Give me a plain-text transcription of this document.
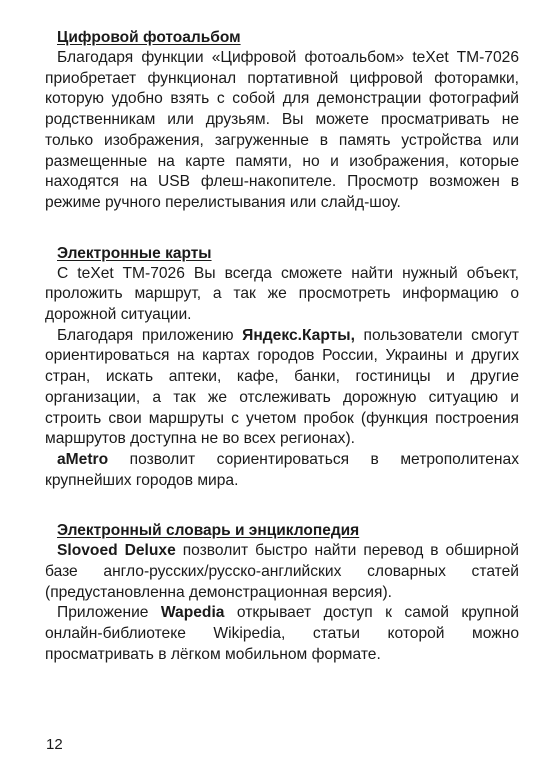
Цифровой фотоальбом

Благодаря функции «Цифровой фотоальбом» teXet TM-7026 приобретает функционал портативной цифровой фоторамки, которую удобно взять с собой для демонстрации фотографий родственникам или друзьям. Вы можете просматривать не только изображения, загруженные в память устройства или размещенные на карте памяти, но и изображения, которые находятся на USB флеш-накопителе. Просмотр возможен в режиме ручного перелистывания или слайд-шоу.

Электронные карты

С teXet TM-7026 Вы всегда сможете найти нужный объект, проложить маршрут, а так же просмотреть информацию о дорожной ситуации.

Благодаря приложению Яндекс.Карты, пользователи смогут ориентироваться на картах городов России, Украины и других стран, искать аптеки, кафе, банки, гостиницы и другие организации, а так же отслеживать дорожную ситуацию и строить свои маршруты с учетом пробок (функция построения маршрутов доступна не во всех регионах).

aMetro позволит сориентироваться в метрополитенах крупнейших городов мира.

Электронный словарь и энциклопедия

Slovoed Deluxe позволит быстро найти перевод в обширной базе англо-русских/русско-английских словарных статей (предустановленна демонстрационная версия).

Приложение Wapedia открывает доступ к самой крупной онлайн-библиотеке Wikipedia, статьи которой можно просматривать в лёгком мобильном формате.

12
